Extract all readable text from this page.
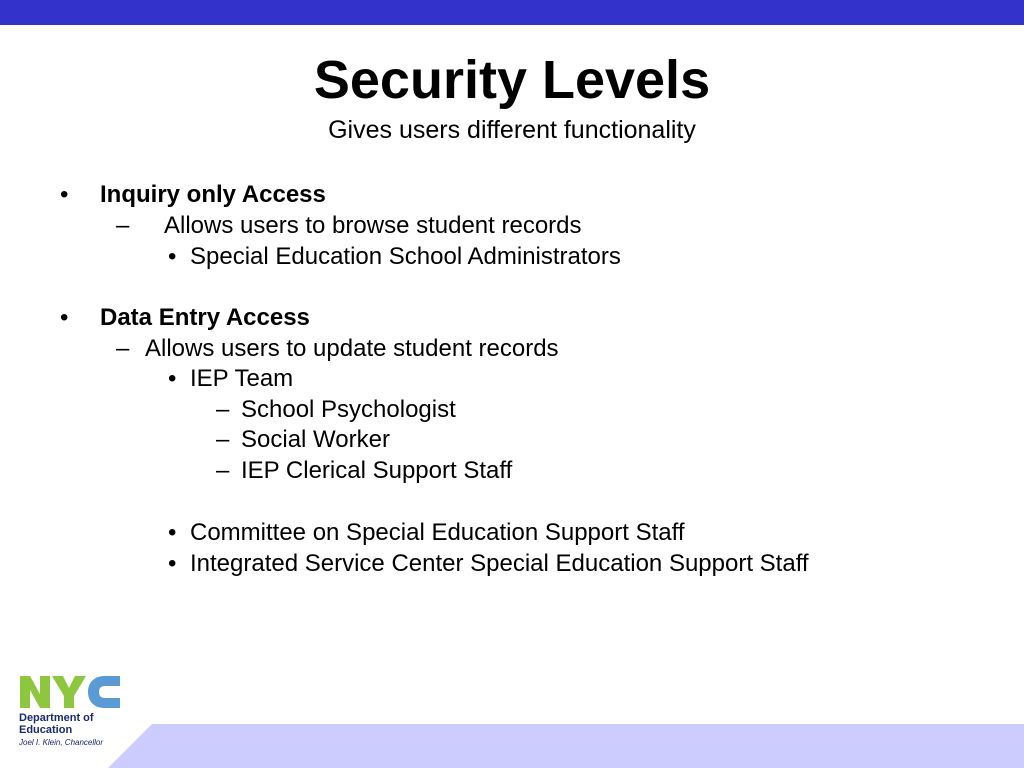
Security Levels
Gives users different functionality
• Inquiry only Access
– Allows users to browse student records
• Special Education School Administrators
• Data Entry Access
– Allows users to update student records
• IEP Team
– School Psychologist
– Social Worker
– IEP Clerical Support Staff
• Committee on Special Education Support Staff
• Integrated Service Center Special Education Support Staff
Department of
Education
Joel I. Klein, Chancellor
